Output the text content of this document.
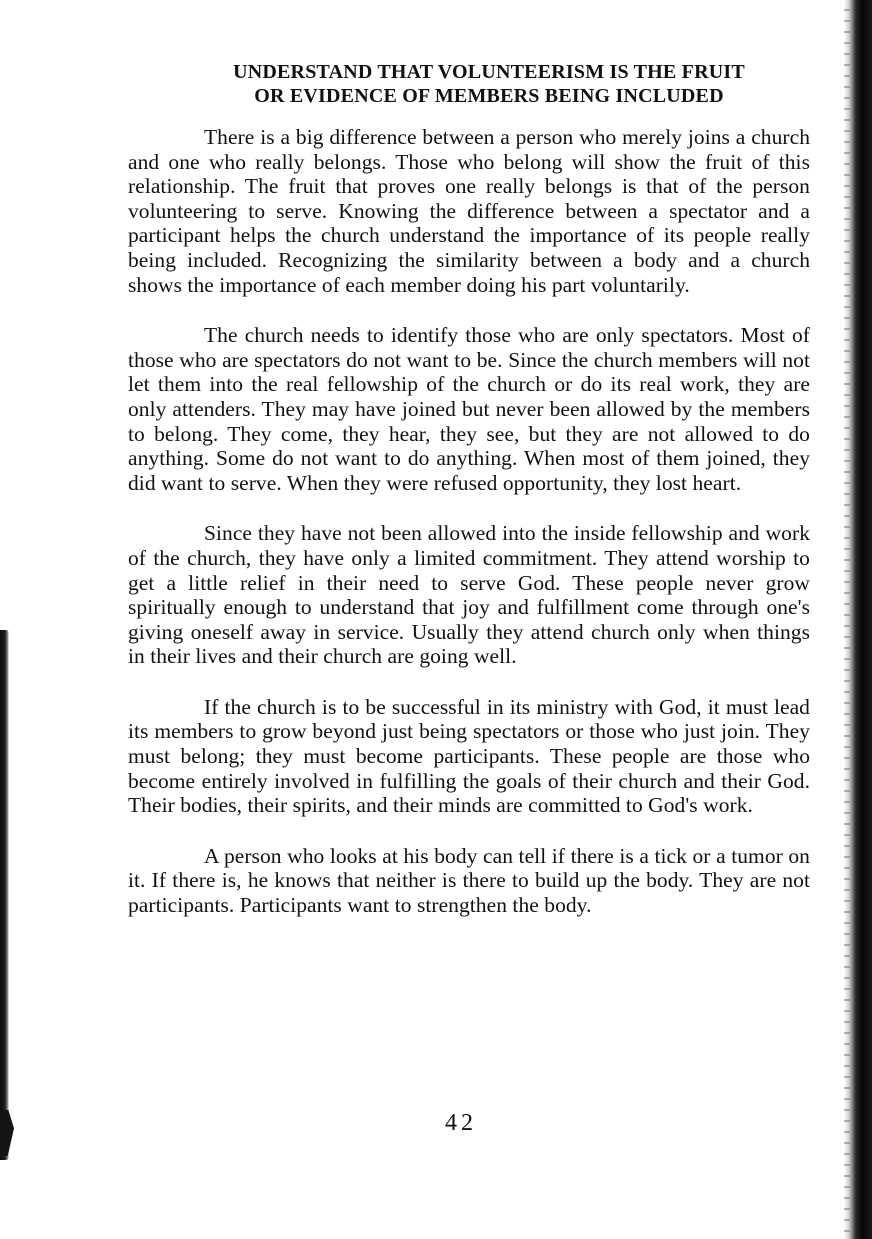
UNDERSTAND THAT VOLUNTEERISM IS THE FRUIT
OR EVIDENCE OF MEMBERS BEING INCLUDED

There is a big difference between a person who merely joins a church and one who really belongs. Those who belong will show the fruit of this relationship. The fruit that proves one really belongs is that of the person volunteering to serve. Knowing the difference between a spectator and a participant helps the church understand the importance of its people really being included. Recognizing the similarity between a body and a church shows the importance of each member doing his part voluntarily.

The church needs to identify those who are only spectators. Most of those who are spectators do not want to be. Since the church members will not let them into the real fellowship of the church or do its real work, they are only attenders. They may have joined but never been allowed by the members to belong. They come, they hear, they see, but they are not allowed to do anything. Some do not want to do anything. When most of them joined, they did want to serve. When they were refused opportunity, they lost heart.

Since they have not been allowed into the inside fellowship and work of the church, they have only a limited commitment. They attend worship to get a little relief in their need to serve God. These people never grow spiritually enough to understand that joy and fulfillment come through one's giving oneself away in service. Usually they attend church only when things in their lives and their church are going well.

If the church is to be successful in its ministry with God, it must lead its members to grow beyond just being spectators or those who just join. They must belong; they must become participants. These people are those who become entirely involved in fulfilling the goals of their church and their God. Their bodies, their spirits, and their minds are committed to God's work.

A person who looks at his body can tell if there is a tick or a tumor on it. If there is, he knows that neither is there to build up the body. They are not participants. Participants want to strengthen the body.

42
